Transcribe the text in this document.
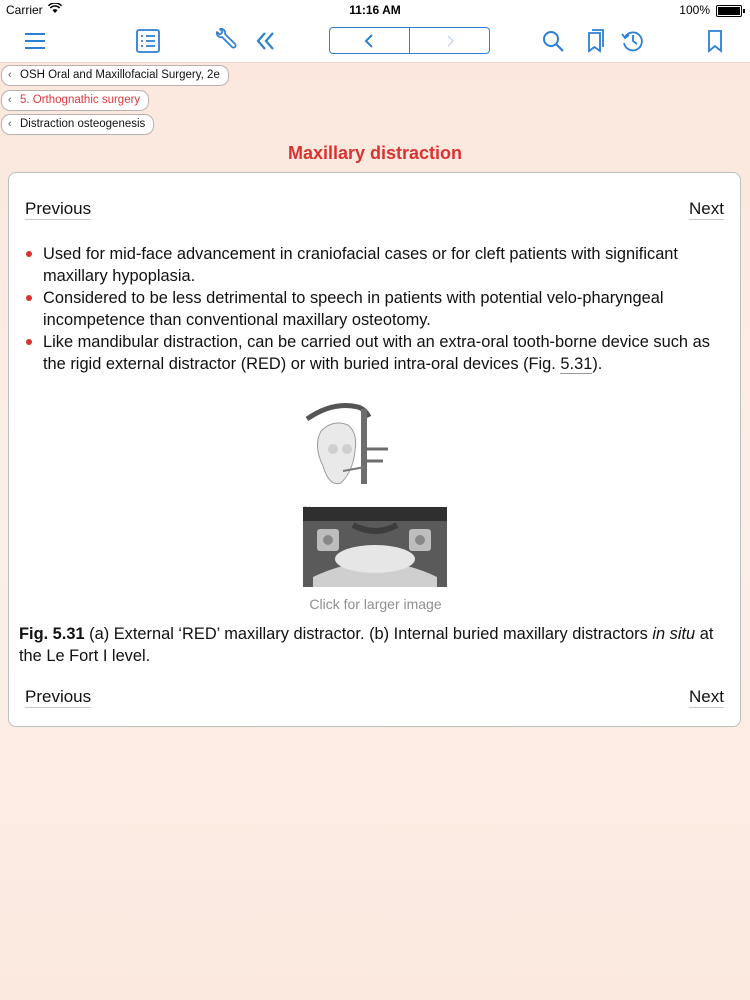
Carrier	11:16 AM	100%
‹ OSH Oral and Maxillofacial Surgery, 2e
‹ 5. Orthognathic surgery
‹ Distraction osteogenesis
Maxillary distraction
Previous	Next
Used for mid-face advancement in craniofacial cases or for cleft patients with significant maxillary hypoplasia.
Considered to be less detrimental to speech in patients with potential velo-pharyngeal incompetence than conventional maxillary osteotomy.
Like mandibular distraction, can be carried out with an extra-oral tooth-borne device such as the rigid external distractor (RED) or with buried intra-oral devices (Fig. 5.31).
Click for larger image
Fig. 5.31 (a) External ‘RED’ maxillary distractor. (b) Internal buried maxillary distractors in situ at the Le Fort I level.
Previous	Next
